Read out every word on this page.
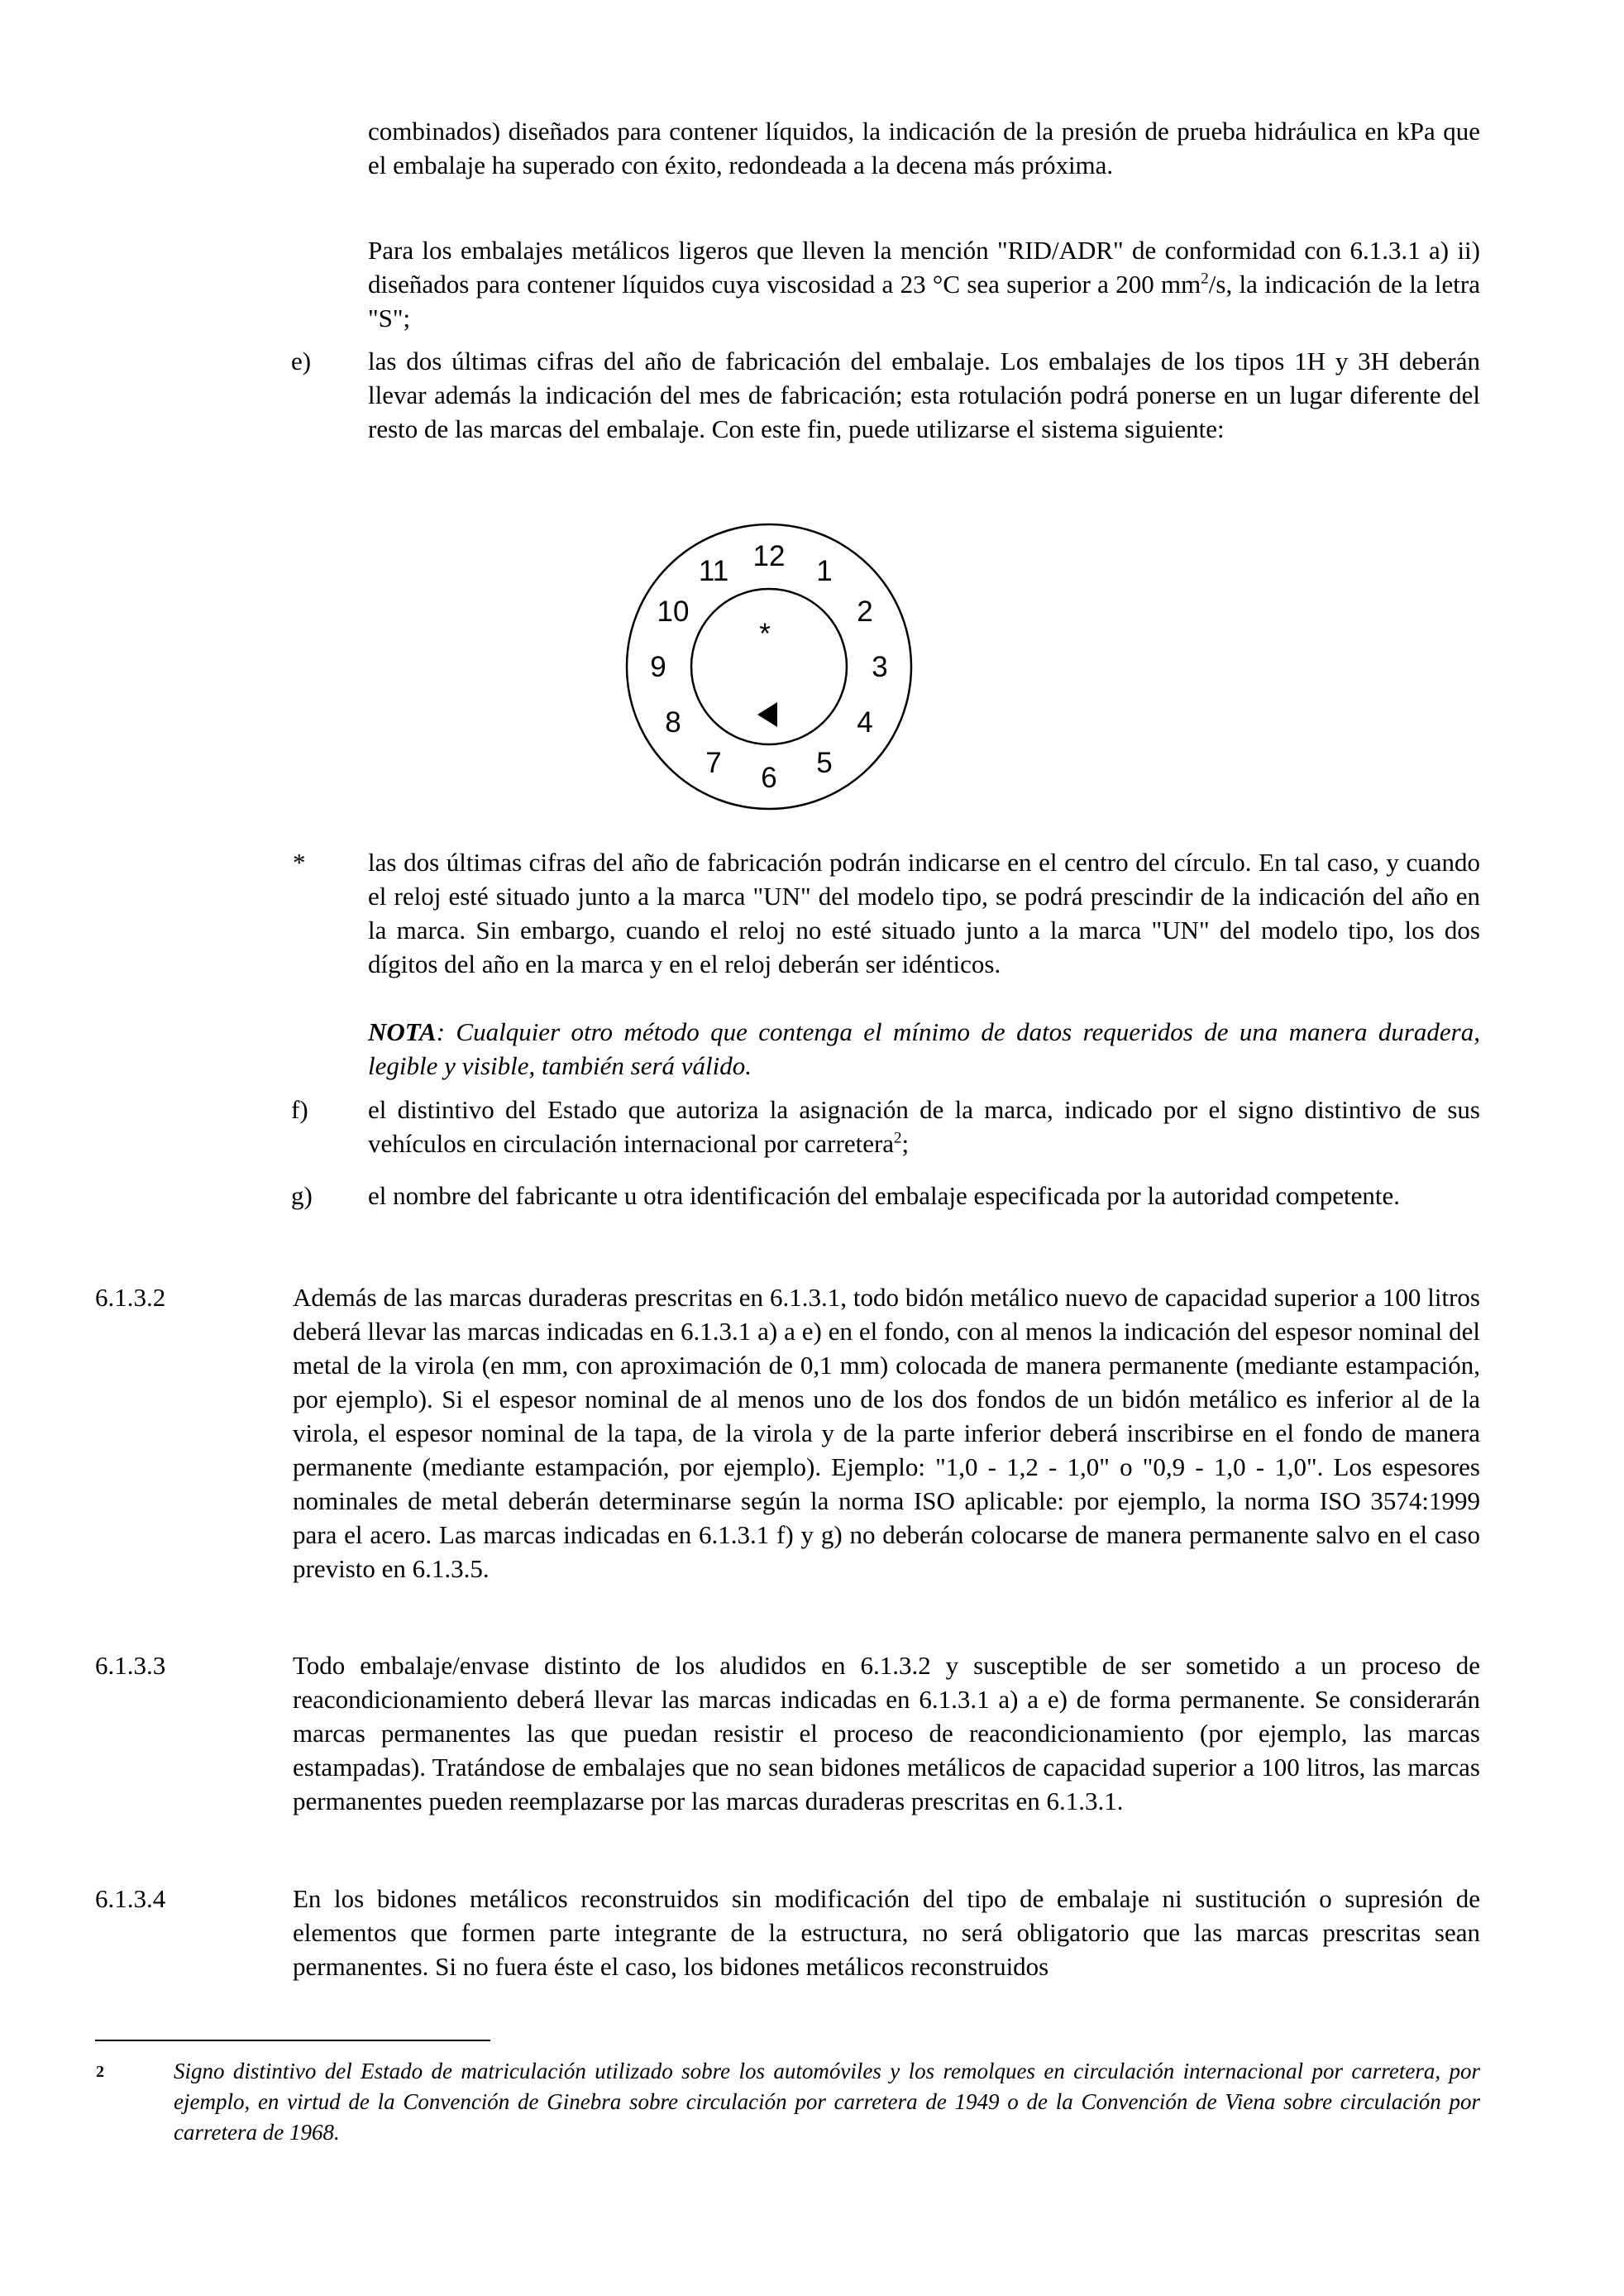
combinados) diseñados para contener líquidos, la indicación de la presión de prueba hidráulica en kPa que el embalaje ha superado con éxito, redondeada a la decena más próxima.

Para los embalajes metálicos ligeros que lleven la mención "RID/ADR" de conformidad con 6.1.3.1 a) ii) diseñados para contener líquidos cuya viscosidad a 23 °C sea superior a 200 $mm^2/s$, la indicación de la letra "S";

e) las dos últimas cifras del año de fabricación del embalaje. Los embalajes de los tipos 1H y 3H deberán llevar además la indicación del mes de fabricación; esta rotulación podrá ponerse en un lugar diferente del resto de las marcas del embalaje. Con este fin, puede utilizarse el sistema siguiente:

*
12 1
2
3
4
5
6
7
8
9
10
11

* las dos últimas cifras del año de fabricación podrán indicarse en el centro del círculo. En tal caso, y cuando el reloj esté situado junto a la marca "UN" del modelo tipo, se podrá prescindir de la indicación del año en la marca. Sin embargo, cuando el reloj no esté situado junto a la marca "UN" del modelo tipo, los dos dígitos del año en la marca y en el reloj deberán ser idénticos.

NOTA: Cualquier otro método que contenga el mínimo de datos requeridos de una manera duradera, legible y visible, también será válido.

f) el distintivo del Estado que autoriza la asignación de la marca, indicado por el signo distintivo de sus vehículos en circulación internacional por carretera$^2$;

g) el nombre del fabricante u otra identificación del embalaje especificada por la autoridad competente.

6.1.3.2	Además de las marcas duraderas prescritas en 6.1.3.1, todo bidón metálico nuevo de capacidad superior a 100 litros deberá llevar las marcas indicadas en 6.1.3.1 a) a e) en el fondo, con al menos la indicación del espesor nominal del metal de la virola (en mm, con aproximación de 0,1 mm) colocada de manera permanente (mediante estampación, por ejemplo). Si el espesor nominal de al menos uno de los dos fondos de un bidón metálico es inferior al de la virola, el espesor nominal de la tapa, de la virola y de la parte inferior deberá inscribirse en el fondo de manera permanente (mediante estampación, por ejemplo). Ejemplo: "1,0 - 1,2 - 1,0" o "0,9 - 1,0 - 1,0". Los espesores nominales de metal deberán determinarse según la norma ISO aplicable: por ejemplo, la norma ISO 3574:1999 para el acero. Las marcas indicadas en 6.1.3.1 f) y g) no deberán colocarse de manera permanente salvo en el caso previsto en 6.1.3.5.

6.1.3.3	Todo embalaje/envase distinto de los aludidos en 6.1.3.2 y susceptible de ser sometido a un proceso de reacondicionamiento deberá llevar las marcas indicadas en 6.1.3.1 a) a e) de forma permanente. Se considerarán marcas permanentes las que puedan resistir el proceso de reacondicionamiento (por ejemplo, las marcas estampadas). Tratándose de embalajes que no sean bidones metálicos de capacidad superior a 100 litros, las marcas permanentes pueden reemplazarse por las marcas duraderas prescritas en 6.1.3.1.

6.1.3.4	En los bidones metálicos reconstruidos sin modificación del tipo de embalaje ni sustitución o supresión de elementos que formen parte integrante de la estructura, no será obligatorio que las marcas prescritas sean permanentes. Si no fuera éste el caso, los bidones metálicos reconstruidos

2	Signo distintivo del Estado de matriculación utilizado sobre los automóviles y los remolques en circulación internacional por carretera, por ejemplo, en virtud de la Convención de Ginebra sobre circulación por carretera de 1949 o de la Convención de Viena sobre circulación por carretera de 1968.
